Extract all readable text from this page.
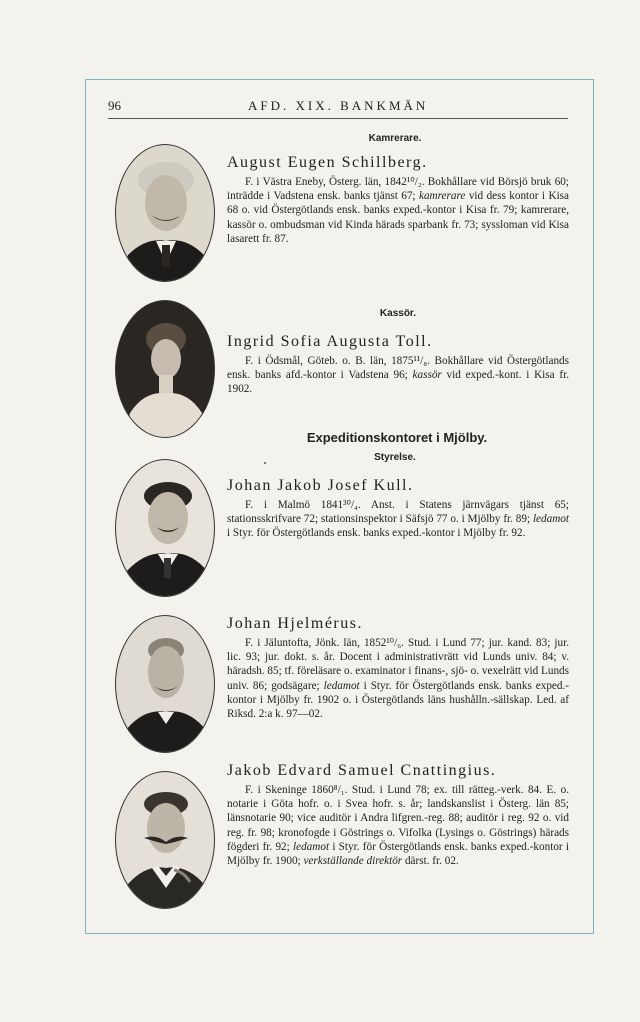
96	AFD. XIX. BANKMÄN
Kamrerare.
Kassör.
Expeditionskontoret i Mjölby.
Styrelse.

August Eugen Schillberg.

F. i Västra Eneby, Österg. län, 1842¹⁰/₂. Bokhållare vid Börsjö bruk 60; inträdde i Vadstena ensk. banks tjänst 67; kamrerare vid dess kontor i Kisa 68 o. vid Östergötlands ensk. banks exped.-kontor i Kisa fr. 79; kamrerare, kassör o. ombudsman vid Kinda härads sparbank fr. 73; syssloman vid Kisa lasarett fr. 87.

Ingrid Sofia Augusta Toll.

F. i Ödsmål, Göteb. o. B. län, 1875¹¹/₈. Bokhållare vid Östergötlands ensk. banks afd.-kontor i Vadstena 96; kassör vid exped.-kont. i Kisa fr. 1902.

Johan Jakob Josef Kull.

F. i Malmö 1841³⁰/₄. Anst. i Statens järnvägars tjänst 65; stationsskrifvare 72; stationsinspektor i Säfsjö 77 o. i Mjölby fr. 89; ledamot i Styr. för Östergötlands ensk. banks exped.-kontor i Mjölby fr. 92.

Johan Hjelmérus.

F. i Jäluntofta, Jönk. län, 1852¹⁰/₆. Stud. i Lund 77; jur. kand. 83; jur. lic. 93; jur. dokt. s. år. Docent i administrativrätt vid Lunds univ. 84; v. häradsh. 85; tf. föreläsare o. examinator i finans-, sjö- o. vexelrätt vid Lunds univ. 86; godsägare; ledamot i Styr. för Östergötlands ensk. banks exped.-kontor i Mjölby fr. 1902 o. i Östergötlands läns hushålln.-sällskap. Led. af Riksd. 2:a k. 97—02.

Jakob Edvard Samuel Cnattingius.

F. i Skeninge 1860⁸/₁. Stud. i Lund 78; ex. till rätteg.-verk. 84. E. o. notarie i Göta hofr. o. i Svea hofr. s. år; landskanslist i Österg. län 85; länsnotarie 90; vice auditör i Andra lifgren.-reg. 88; auditör i reg. 92 o. vid reg. fr. 98; kronofogde i Göstrings o. Vifolka (Lysings o. Göstrings) härads fögderi fr. 92; ledamot i Styr. för Östergötlands ensk. banks exped.-kontor i Mjölby fr. 1900; verkställande direktör därst. fr. 02.
